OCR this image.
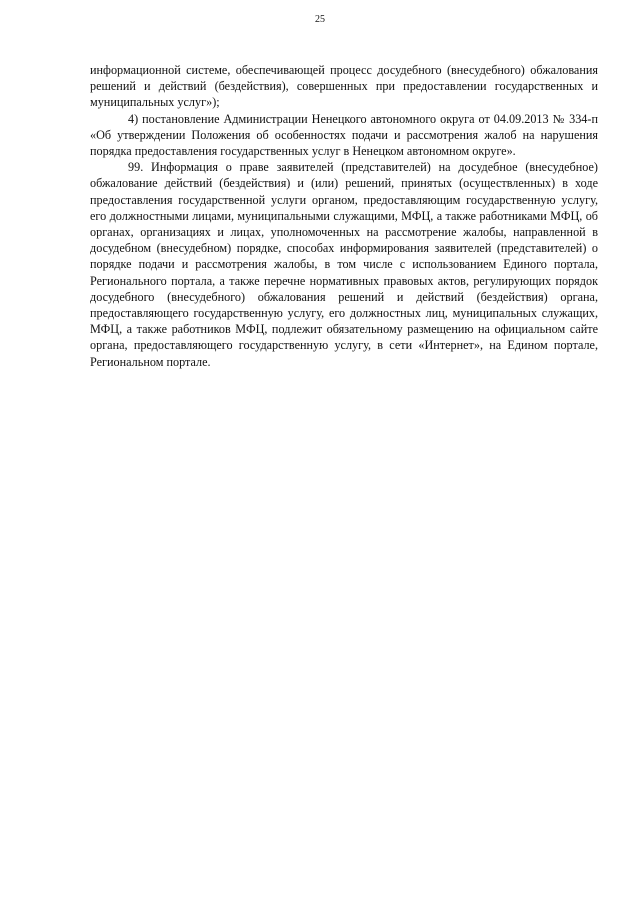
25

информационной системе, обеспечивающей процесс досудебного (внесудебного) обжалования решений и действий (бездействия), совершенных при предоставлении государственных и муниципальных услуг»);

4) постановление Администрации Ненецкого автономного округа от 04.09.2013 № 334-п «Об утверждении Положения об особенностях подачи и рассмотрения жалоб на нарушения порядка предоставления государственных услуг в Ненецком автономном округе».

99. Информация о праве заявителей (представителей) на досудебное (внесудебное) обжалование действий (бездействия) и (или) решений, принятых (осуществленных) в ходе предоставления государственной услуги органом, предоставляющим государственную услугу, его должностными лицами, муниципальными служащими, МФЦ, а также работниками МФЦ, об органах, организациях и лицах, уполномоченных на рассмотрение жалобы, направленной в досудебном (внесудебном) порядке, способах информирования заявителей (представителей) о порядке подачи и рассмотрения жалобы, в том числе с использованием Единого портала, Регионального портала, а также перечне нормативных правовых актов, регулирующих порядок досудебного (внесудебного) обжалования решений и действий (бездействия) органа, предоставляющего государственную услугу, его должностных лиц, муниципальных служащих, МФЦ, а также работников МФЦ, подлежит обязательному размещению на официальном сайте органа, предоставляющего государственную услугу, в сети «Интернет», на Едином портале, Региональном портале.
